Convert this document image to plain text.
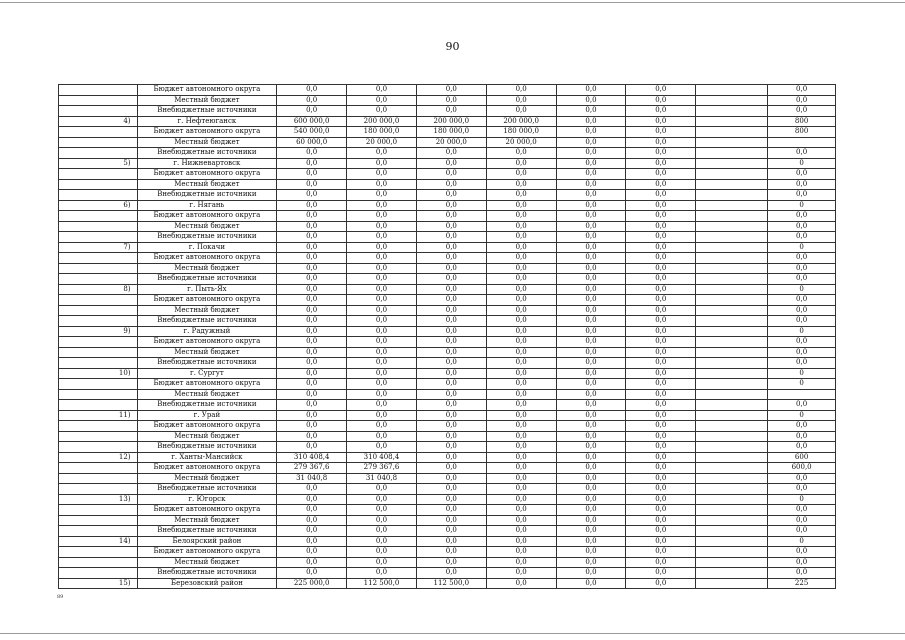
90
	Бюджет автономного округа	0,0	0,0	0,0	0,0	0,0	0,0		0,0
	Местный бюджет	0,0	0,0	0,0	0,0	0,0	0,0		0,0
	Внебюджетные источники	0,0	0,0	0,0	0,0	0,0	0,0		0,0
4)	г. Нефтеюганск	600 000,0	200 000,0	200 000,0	200 000,0	0,0	0,0		800
	Бюджет автономного округа	540 000,0	180 000,0	180 000,0	180 000,0	0,0	0,0		800
	Местный бюджет	60 000,0	20 000,0	20 000,0	20 000,0	0,0	0,0		
	Внебюджетные источники	0,0	0,0	0,0	0,0	0,0	0,0		0,0
5)	г. Нижневартовск	0,0	0,0	0,0	0,0	0,0	0,0		0
	Бюджет автономного округа	0,0	0,0	0,0	0,0	0,0	0,0		0,0
	Местный бюджет	0,0	0,0	0,0	0,0	0,0	0,0		0,0
	Внебюджетные источники	0,0	0,0	0,0	0,0	0,0	0,0		0,0
6)	г. Нягань	0,0	0,0	0,0	0,0	0,0	0,0		0
	Бюджет автономного округа	0,0	0,0	0,0	0,0	0,0	0,0		0,0
	Местный бюджет	0,0	0,0	0,0	0,0	0,0	0,0		0,0
	Внебюджетные источники	0,0	0,0	0,0	0,0	0,0	0,0		0,0
7)	г. Покачи	0,0	0,0	0,0	0,0	0,0	0,0		0
	Бюджет автономного округа	0,0	0,0	0,0	0,0	0,0	0,0		0,0
	Местный бюджет	0,0	0,0	0,0	0,0	0,0	0,0		0,0
	Внебюджетные источники	0,0	0,0	0,0	0,0	0,0	0,0		0,0
8)	г. Пыть-Ях	0,0	0,0	0,0	0,0	0,0	0,0		0
	Бюджет автономного округа	0,0	0,0	0,0	0,0	0,0	0,0		0,0
	Местный бюджет	0,0	0,0	0,0	0,0	0,0	0,0		0,0
	Внебюджетные источники	0,0	0,0	0,0	0,0	0,0	0,0		0,0
9)	г. Радужный	0,0	0,0	0,0	0,0	0,0	0,0		0
	Бюджет автономного округа	0,0	0,0	0,0	0,0	0,0	0,0		0,0
	Местный бюджет	0,0	0,0	0,0	0,0	0,0	0,0		0,0
	Внебюджетные источники	0,0	0,0	0,0	0,0	0,0	0,0		0,0
10)	г. Сургут	0,0	0,0	0,0	0,0	0,0	0,0		0
	Бюджет автономного округа	0,0	0,0	0,0	0,0	0,0	0,0		0
	Местный бюджет	0,0	0,0	0,0	0,0	0,0	0,0		
	Внебюджетные источники	0,0	0,0	0,0	0,0	0,0	0,0		0,0
11)	г. Урай	0,0	0,0	0,0	0,0	0,0	0,0		0
	Бюджет автономного округа	0,0	0,0	0,0	0,0	0,0	0,0		0,0
	Местный бюджет	0,0	0,0	0,0	0,0	0,0	0,0		0,0
	Внебюджетные источники	0,0	0,0	0,0	0,0	0,0	0,0		0,0
12)	г. Ханты-Мансийск	310 408,4	310 408,4	0,0	0,0	0,0	0,0		600
	Бюджет автономного округа	279 367,6	279 367,6	0,0	0,0	0,0	0,0		600,0
	Местный бюджет	31 040,8	31 040,8	0,0	0,0	0,0	0,0		0,0
	Внебюджетные источники	0,0	0,0	0,0	0,0	0,0	0,0		0,0
13)	г. Югорск	0,0	0,0	0,0	0,0	0,0	0,0		0
	Бюджет автономного округа	0,0	0,0	0,0	0,0	0,0	0,0		0,0
	Местный бюджет	0,0	0,0	0,0	0,0	0,0	0,0		0,0
	Внебюджетные источники	0,0	0,0	0,0	0,0	0,0	0,0		0,0
14)	Белоярский район	0,0	0,0	0,0	0,0	0,0	0,0		0
	Бюджет автономного округа	0,0	0,0	0,0	0,0	0,0	0,0		0,0
	Местный бюджет	0,0	0,0	0,0	0,0	0,0	0,0		0,0
	Внебюджетные источники	0,0	0,0	0,0	0,0	0,0	0,0		0,0
15)	Березовский район	225 000,0	112 500,0	112 500,0	0,0	0,0	0,0		225
89
